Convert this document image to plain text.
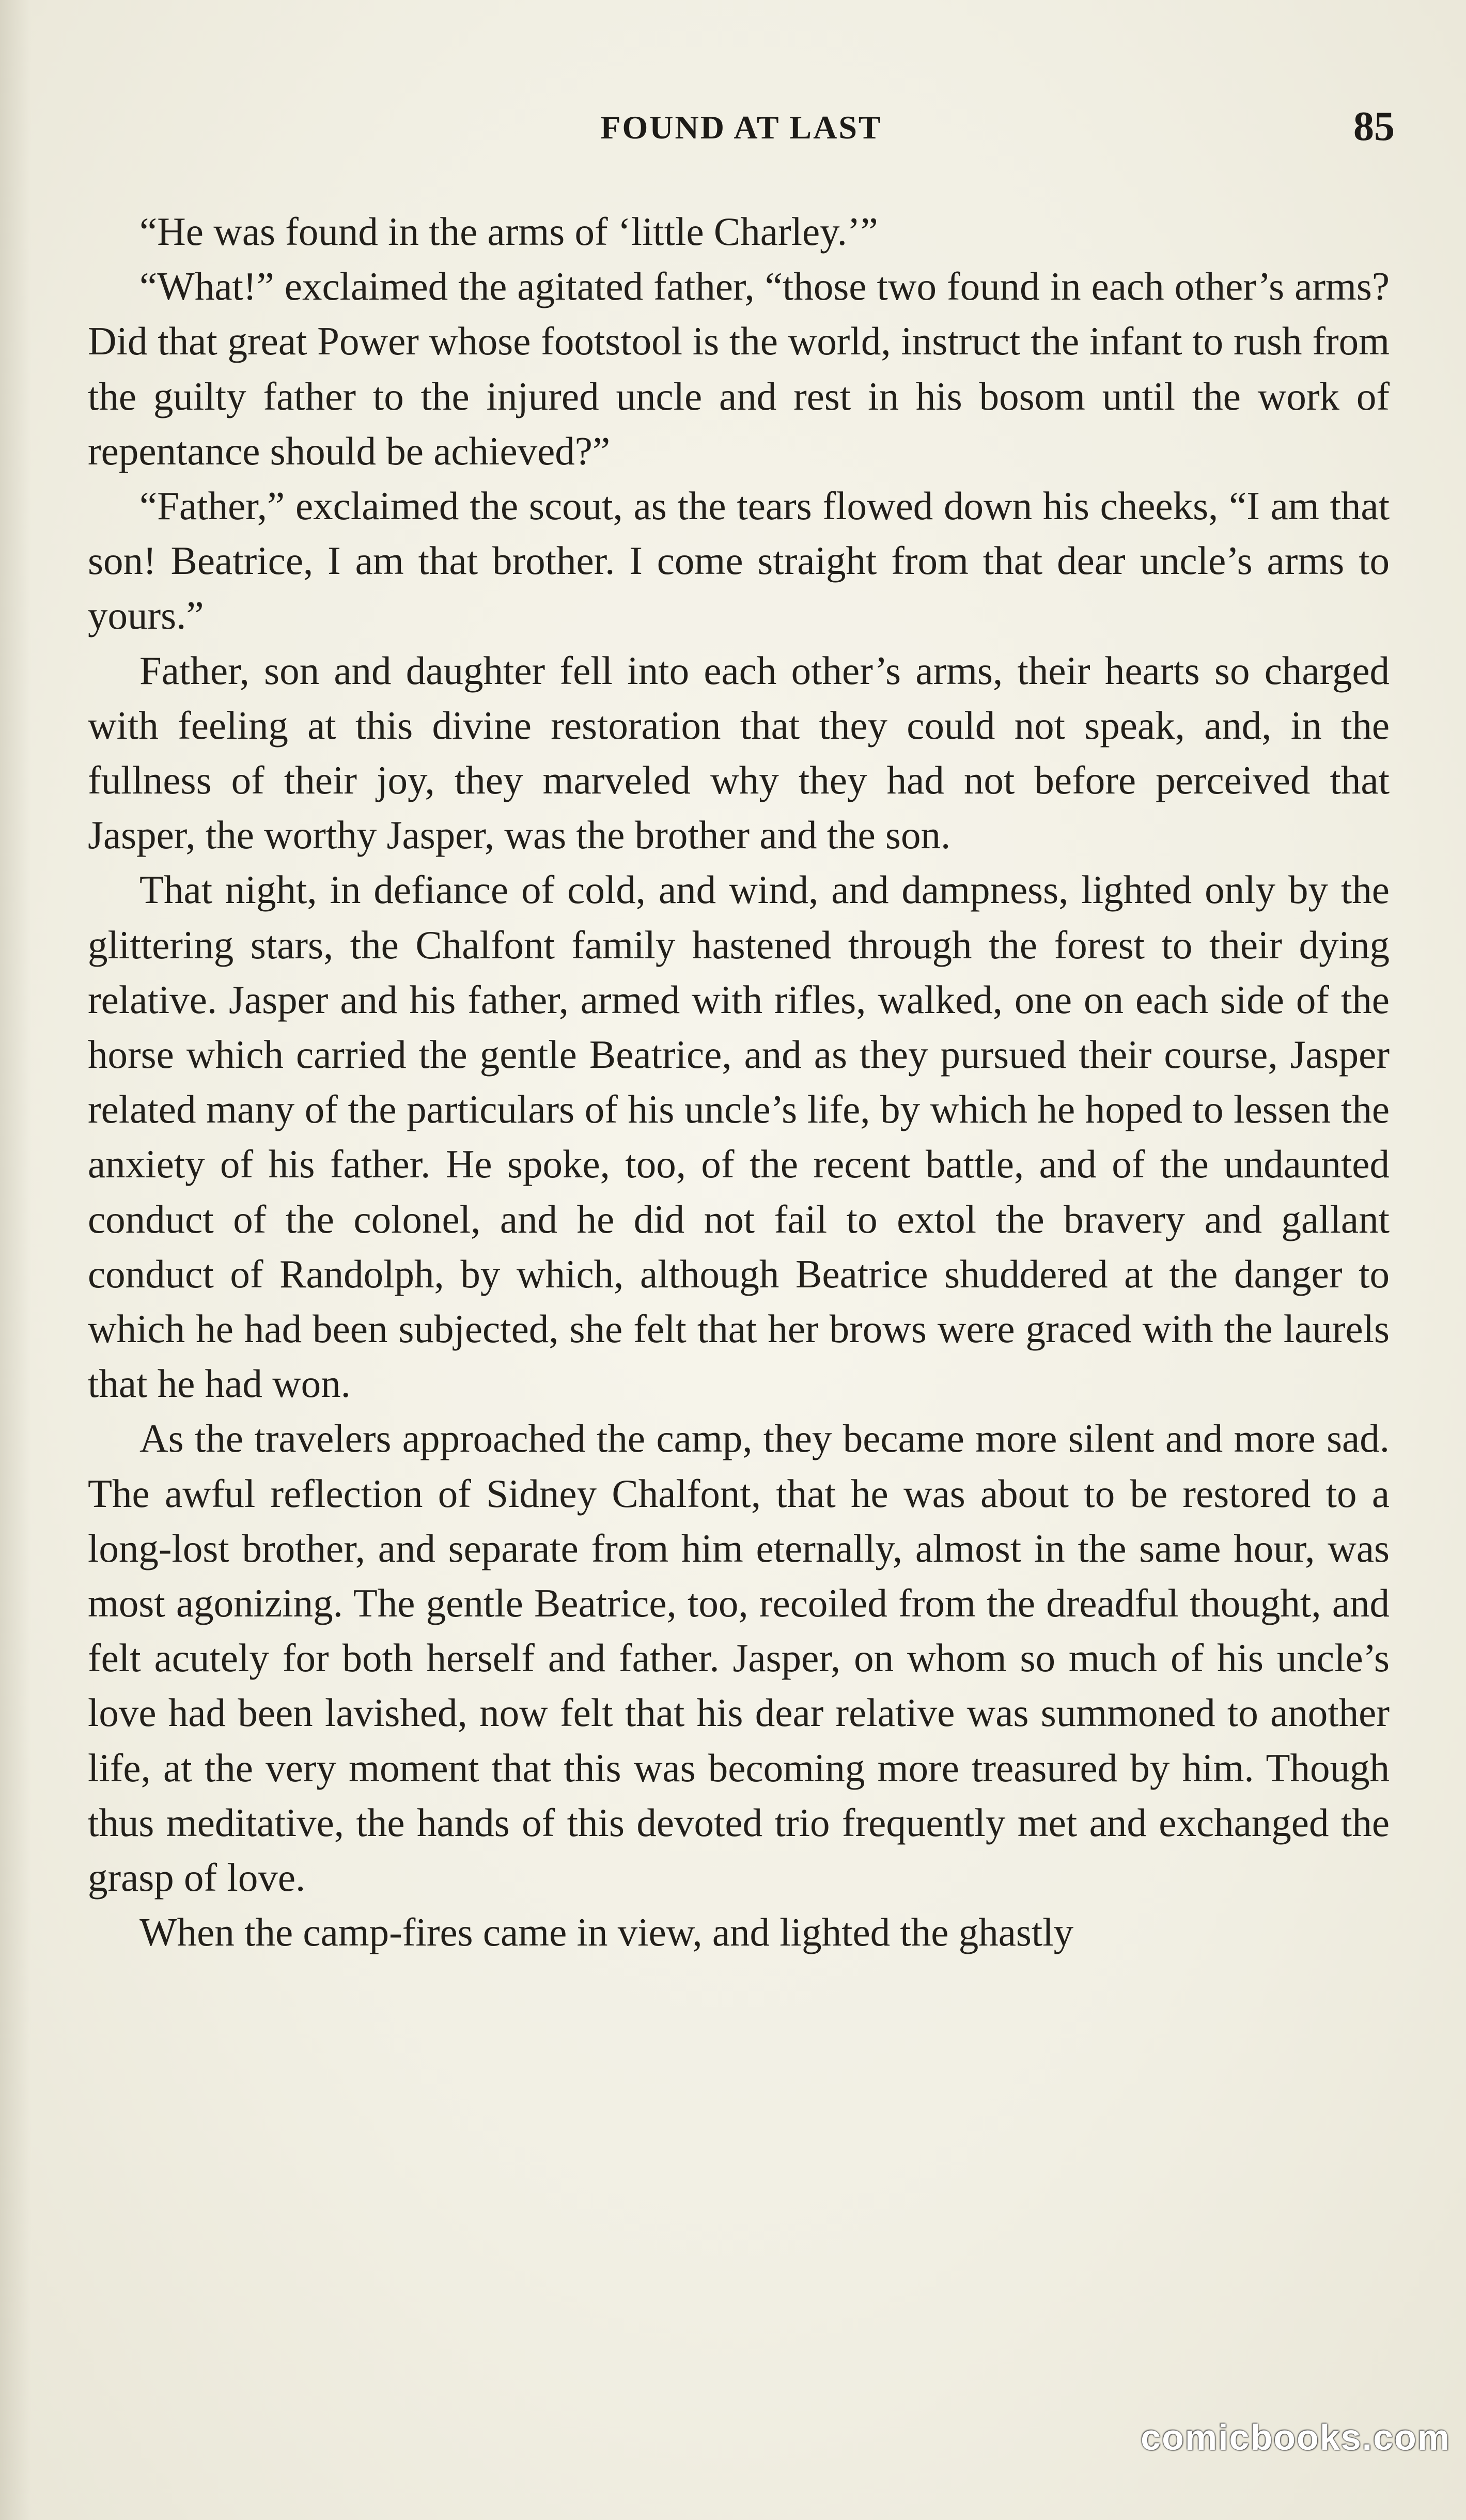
FOUND AT LAST	85

“He was found in the arms of ‘little Charley.’”

“What!” exclaimed the agitated father, “those two found in each other’s arms? Did that great Power whose footstool is the world, instruct the infant to rush from the guilty father to the injured uncle and rest in his bosom until the work of repentance should be achieved?”

“Father,” exclaimed the scout, as the tears flowed down his cheeks, “I am that son! Beatrice, I am that brother. I come straight from that dear uncle’s arms to yours.”

Father, son and daughter fell into each other’s arms, their hearts so charged with feeling at this divine restoration that they could not speak, and, in the fullness of their joy, they marveled why they had not before perceived that Jasper, the worthy Jasper, was the brother and the son.

That night, in defiance of cold, and wind, and dampness, lighted only by the glittering stars, the Chalfont family hastened through the forest to their dying relative. Jasper and his father, armed with rifles, walked, one on each side of the horse which carried the gentle Beatrice, and as they pursued their course, Jasper related many of the particulars of his uncle’s life, by which he hoped to lessen the anxiety of his father. He spoke, too, of the recent battle, and of the undaunted conduct of the colonel, and he did not fail to extol the bravery and gallant conduct of Randolph, by which, although Beatrice shuddered at the danger to which he had been subjected, she felt that her brows were graced with the laurels that he had won.

As the travelers approached the camp, they became more silent and more sad. The awful reflection of Sidney Chalfont, that he was about to be restored to a long-lost brother, and separate from him eternally, almost in the same hour, was most agonizing. The gentle Beatrice, too, recoiled from the dreadful thought, and felt acutely for both herself and father. Jasper, on whom so much of his uncle’s love had been lavished, now felt that his dear relative was summoned to another life, at the very moment that this was becoming more treasured by him. Though thus meditative, the hands of this devoted trio frequently met and exchanged the grasp of love.

When the camp-fires came in view, and lighted the ghastly

comicbooks.com
